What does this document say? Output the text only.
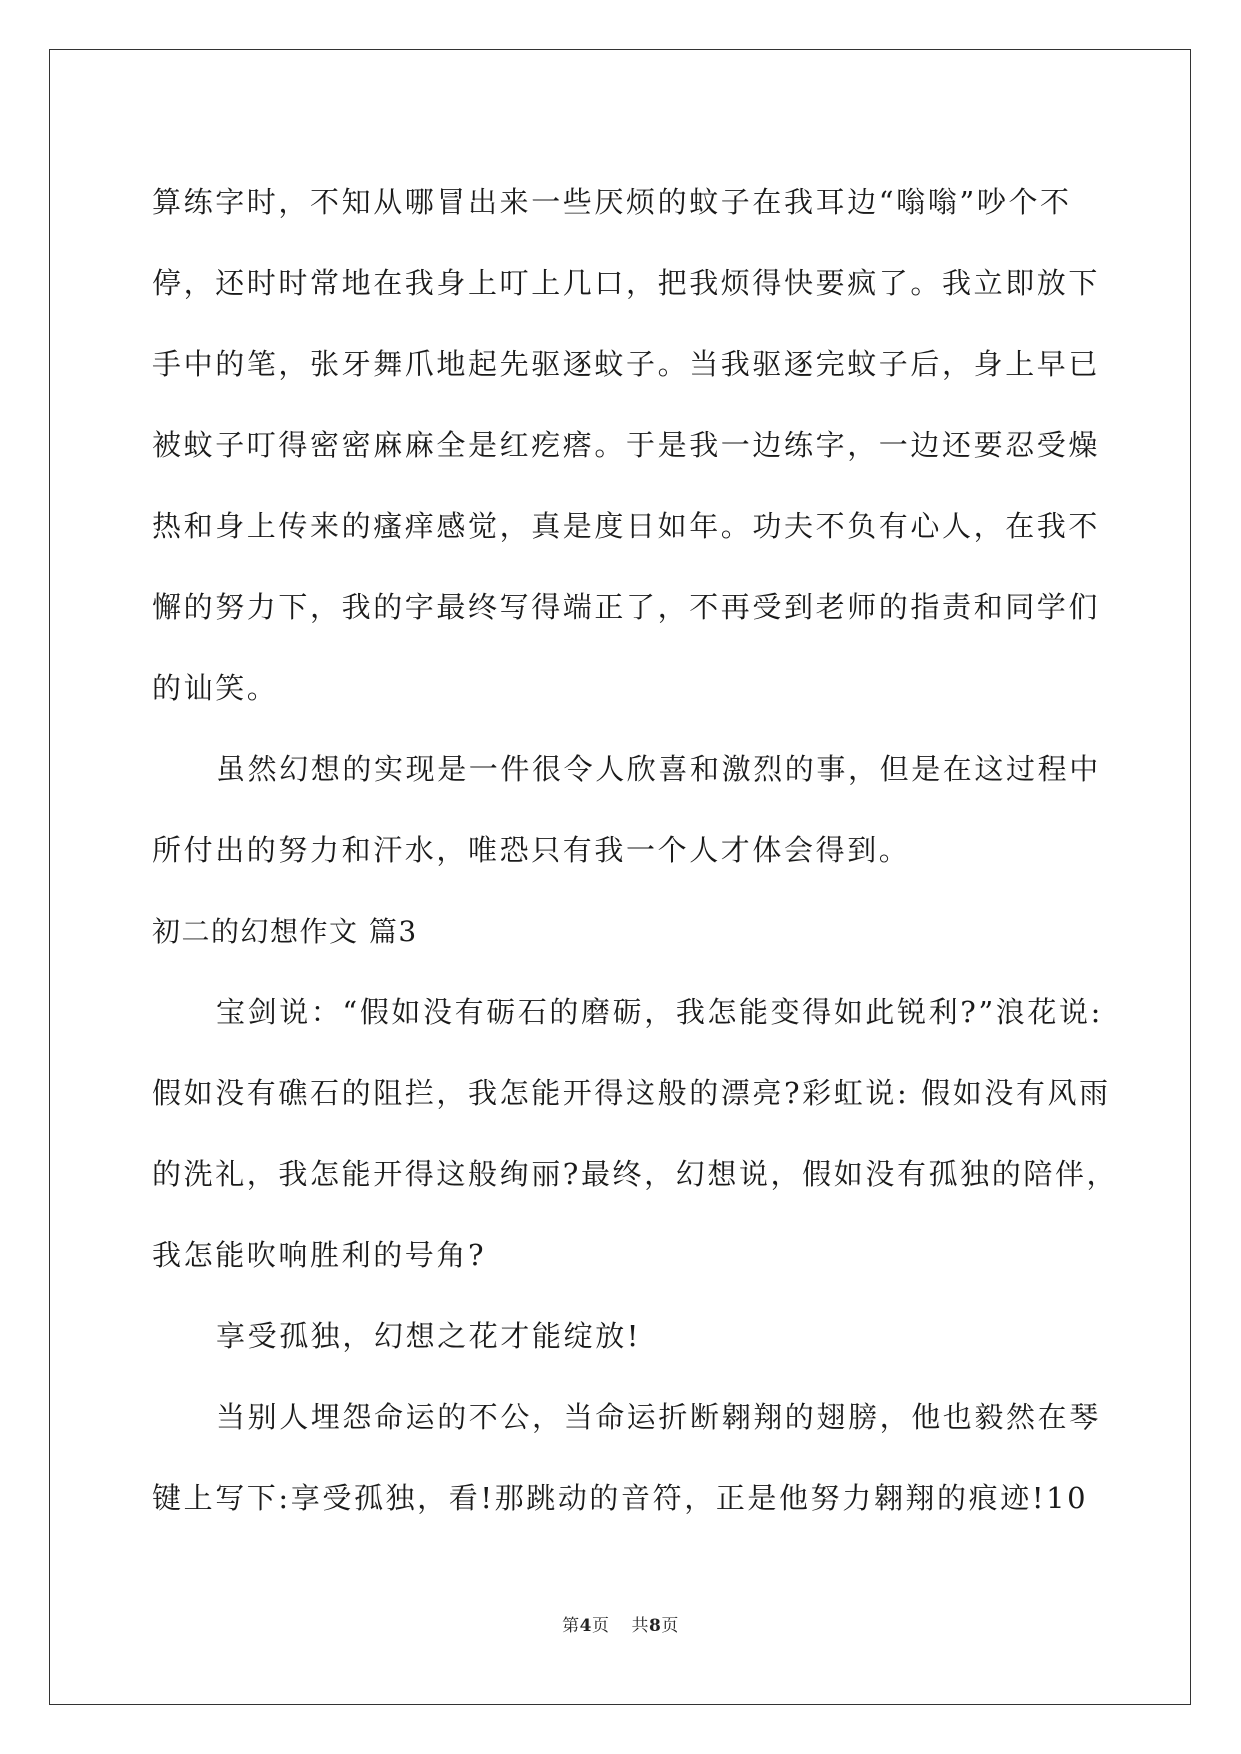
算练字时，不知从哪冒出来一些厌烦的蚊子在我耳边“嗡嗡”吵个不
停，还时时常地在我身上叮上几口，把我烦得快要疯了。我立即放下
手中的笔，张牙舞爪地起先驱逐蚊子。当我驱逐完蚊子后，身上早已
被蚊子叮得密密麻麻全是红疙瘩。于是我一边练字，一边还要忍受燥
热和身上传来的瘙痒感觉，真是度日如年。功夫不负有心人，在我不
懈的努力下，我的字最终写得端正了，不再受到老师的指责和同学们
的讪笑。
虽然幻想的实现是一件很令人欣喜和激烈的事，但是在这过程中
所付出的努力和汗水，唯恐只有我一个人才体会得到。
初二的幻想作文 篇3
宝剑说：“假如没有砺石的磨砺，我怎能变得如此锐利?”浪花说:
假如没有礁石的阻拦，我怎能开得这般的漂亮?彩虹说: 假如没有风雨
的洗礼，我怎能开得这般绚丽?最终，幻想说，假如没有孤独的陪伴，
我怎能吹响胜利的号角?
享受孤独，幻想之花才能绽放!
当别人埋怨命运的不公，当命运折断翱翔的翅膀，他也毅然在琴
键上写下:享受孤独，看!那跳动的音符，正是他努力翱翔的痕迹!10
第4页 共8页
